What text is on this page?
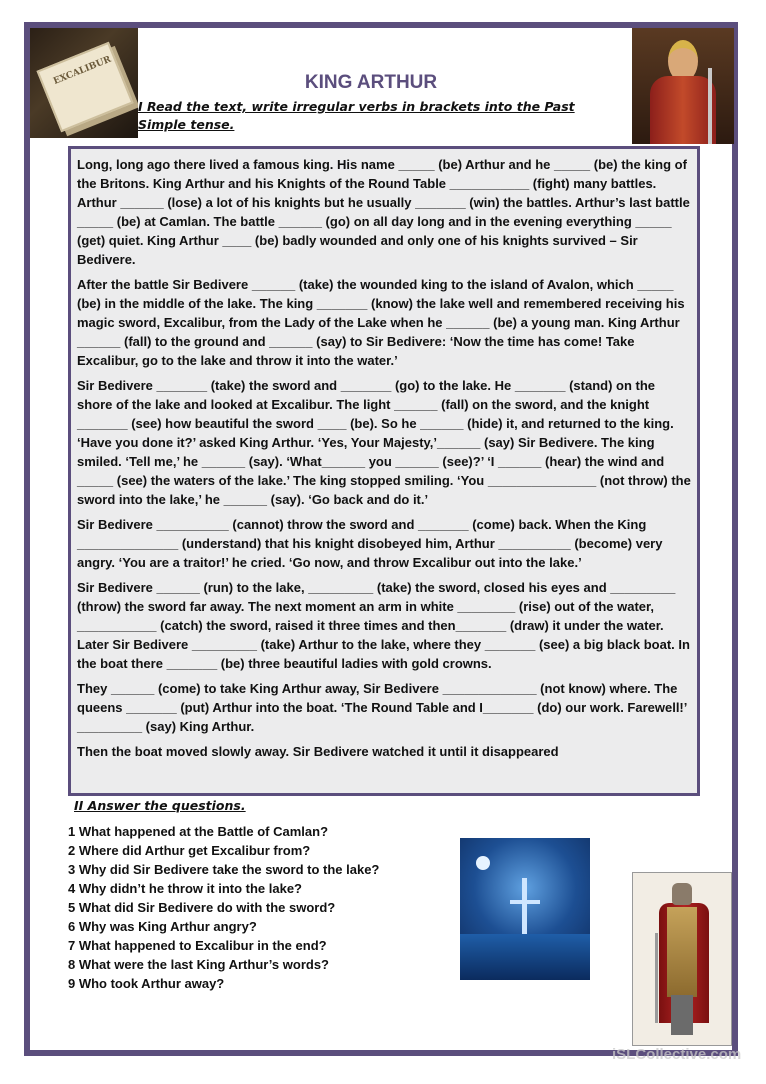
EXCALIBUR	KING ARTHUR

I Read the text, write irregular verbs in brackets into the Past Simple tense.

Long, long ago there lived a famous king. His name _____ (be) Arthur and he _____ (be) the king of the Britons. King Arthur and his Knights of the Round Table ___________ (fight) many battles. Arthur ______ (lose) a lot of his knights but he usually _______ (win) the battles. Arthur’s last battle _____ (be) at Camlan. The battle ______ (go) on all day long and in the evening everything _____ (get) quiet. King Arthur ____ (be) badly wounded and only one of his knights survived – Sir Bedivere.

After the battle Sir Bedivere ______ (take) the wounded king to the island of Avalon, which _____ (be) in the middle of the lake. The king _______ (know) the lake well and remembered receiving his magic sword, Excalibur, from the Lady of the Lake when he ______ (be) a young man. King Arthur ______ (fall) to the ground and ______ (say) to Sir Bedivere: ‘Now the time has come! Take Excalibur, go to the lake and throw it into the water.’

Sir Bedivere _______ (take) the sword and _______ (go) to the lake. He _______ (stand) on the shore of the lake and looked at Excalibur. The light ______ (fall) on the sword, and the knight _______ (see) how beautiful the sword ____ (be). So he ______ (hide) it, and returned to the king.

‘Have you done it?’ asked King Arthur. ‘Yes, Your Majesty,’______ (say) Sir Bedivere. The king smiled. ‘Tell me,’ he ______ (say). ‘What______ you ______ (see)?’ ‘I ______ (hear) the wind and _____ (see) the waters of the lake.’ The king stopped smiling. ‘You _______________ (not throw) the sword into the lake,’ he ______ (say). ‘Go back and do it.’

Sir Bedivere __________ (cannot) throw the sword and _______ (come) back. When the King ______________ (understand) that his knight disobeyed him, Arthur __________ (become) very angry. ‘You are a traitor!’ he cried. ‘Go now, and throw Excalibur out into the lake.’

Sir Bedivere ______ (run) to the lake, _________ (take) the sword, closed his eyes and _________ (throw) the sword far away. The next moment an arm in white ________ (rise) out of the water, ___________ (catch) the sword, raised it three times and then_______ (draw) it under the water. Later Sir Bedivere _________ (take) Arthur to the lake, where they _______ (see) a big black boat. In the boat there _______ (be) three beautiful ladies with gold crowns.

They ______ (come) to take King Arthur away, Sir Bedivere _____________ (not know) where. The queens _______ (put) Arthur into the boat. ‘The Round Table and I_______ (do) our work. Farewell!’ _________ (say) King Arthur.

Then the boat moved slowly away. Sir Bedivere watched it until it disappeared

II Answer the questions.

1 What happened at the Battle of Camlan?
2 Where did Arthur get Excalibur from?
3 Why did Sir Bedivere take the sword to the lake?
4 Why didn’t he throw it into the lake?
5 What did Sir Bedivere do with the sword?
6 Why was King Arthur angry?
7 What happened to Excalibur in the end?
8 What were the last King Arthur’s words?
9 Who took Arthur away?

iSLCollective.com
